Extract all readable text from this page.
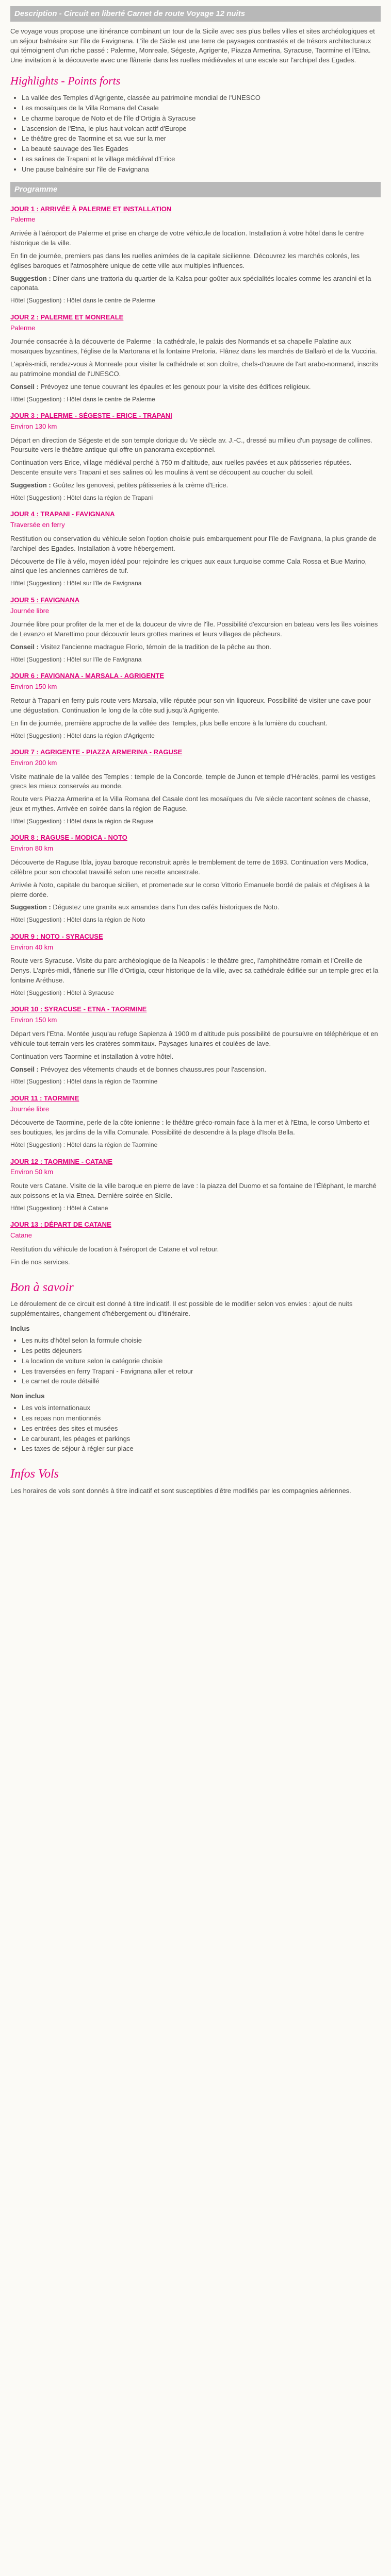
Description - Circuit en liberté Carnet de route Voyage 12 nuits

Ce voyage vous propose une itinérance combinant un tour de la Sicile avec ses plus belles villes et sites archéologiques et un séjour balnéaire sur l'île de Favignana. L'île de Sicile est une terre de paysages contrastés et de trésors architecturaux qui témoignent d'un riche passé : Palerme, Monreale, Ségeste, Agrigente, Piazza Armerina, Syracuse, Taormine et l'Etna. Une invitation à la découverte avec une flânerie dans les ruelles médiévales et une escale sur l'archipel des Egades.

Highlights - Points forts
• La vallée des Temples d'Agrigente, classée au patrimoine mondial de l'UNESCO
• Les mosaïques de la Villa Romana del Casale
• Le charme baroque de Noto et de l'île d'Ortigia à Syracuse
• L'ascension de l'Etna, le plus haut volcan actif d'Europe
• Le théâtre grec de Taormine et sa vue sur la mer
• La beauté sauvage des îles Egades
• Les salines de Trapani et le village médiéval d'Erice
• Une pause balnéaire sur l'île de Favignana
Programme
JOUR 1 : ARRIVÉE À PALERME ET INSTALLATION
Palerme

Arrivée à l'aéroport de Palerme et prise en charge de votre véhicule de location. Installation à votre hôtel dans le centre historique de la ville.

En fin de journée, premiers pas dans les ruelles animées de la capitale sicilienne. Découvrez les marchés colorés, les églises baroques et l'atmosphère unique de cette ville aux multiples influences.

Suggestion : Dîner dans une trattoria du quartier de la Kalsa pour goûter aux spécialités locales comme les arancini et la caponata.

Hôtel (Suggestion) : Hôtel dans le centre de Palerme
JOUR 2 : PALERME ET MONREALE
Palerme

Journée consacrée à la découverte de Palerme : la cathédrale, le palais des Normands et sa chapelle Palatine aux mosaïques byzantines, l'église de la Martorana et la fontaine Pretoria. Flânez dans les marchés de Ballarò et de la Vucciria.

L'après-midi, rendez-vous à Monreale pour visiter la cathédrale et son cloître, chefs-d'œuvre de l'art arabo-normand, inscrits au patrimoine mondial de l'UNESCO.

Conseil : Prévoyez une tenue couvrant les épaules et les genoux pour la visite des édifices religieux.

Hôtel (Suggestion) : Hôtel dans le centre de Palerme
JOUR 3 : PALERME - SÉGESTE - ERICE - TRAPANI
Environ 130 km

Départ en direction de Ségeste et de son temple dorique du Ve siècle av. J.-C., dressé au milieu d'un paysage de collines. Poursuite vers le théâtre antique qui offre un panorama exceptionnel.

Continuation vers Erice, village médiéval perché à 750 m d'altitude, aux ruelles pavées et aux pâtisseries réputées. Descente ensuite vers Trapani et ses salines où les moulins à vent se découpent au coucher du soleil.

Suggestion : Goûtez les genovesi, petites pâtisseries à la crème d'Erice.

Hôtel (Suggestion) : Hôtel dans la région de Trapani
JOUR 4 : TRAPANI - FAVIGNANA
Traversée en ferry

Restitution ou conservation du véhicule selon l'option choisie puis embarquement pour l'île de Favignana, la plus grande de l'archipel des Egades. Installation à votre hébergement.

Découverte de l'île à vélo, moyen idéal pour rejoindre les criques aux eaux turquoise comme Cala Rossa et Bue Marino, ainsi que les anciennes carrières de tuf.

Hôtel (Suggestion) : Hôtel sur l'île de Favignana
JOUR 5 : FAVIGNANA
Journée libre

Journée libre pour profiter de la mer et de la douceur de vivre de l'île. Possibilité d'excursion en bateau vers les îles voisines de Levanzo et Marettimo pour découvrir leurs grottes marines et leurs villages de pêcheurs.

Conseil : Visitez l'ancienne madrague Florio, témoin de la tradition de la pêche au thon.

Hôtel (Suggestion) : Hôtel sur l'île de Favignana
JOUR 6 : FAVIGNANA - MARSALA - AGRIGENTE
Environ 150 km

Retour à Trapani en ferry puis route vers Marsala, ville réputée pour son vin liquoreux. Possibilité de visiter une cave pour une dégustation. Continuation le long de la côte sud jusqu'à Agrigente.

En fin de journée, première approche de la vallée des Temples, plus belle encore à la lumière du couchant.

Hôtel (Suggestion) : Hôtel dans la région d'Agrigente
JOUR 7 : AGRIGENTE - PIAZZA ARMERINA - RAGUSE
Environ 200 km

Visite matinale de la vallée des Temples : temple de la Concorde, temple de Junon et temple d'Héraclès, parmi les vestiges grecs les mieux conservés au monde.

Route vers Piazza Armerina et la Villa Romana del Casale dont les mosaïques du IVe siècle racontent scènes de chasse, jeux et mythes. Arrivée en soirée dans la région de Raguse.

Hôtel (Suggestion) : Hôtel dans la région de Raguse
JOUR 8 : RAGUSE - MODICA - NOTO
Environ 80 km

Découverte de Raguse Ibla, joyau baroque reconstruit après le tremblement de terre de 1693. Continuation vers Modica, célèbre pour son chocolat travaillé selon une recette ancestrale.

Arrivée à Noto, capitale du baroque sicilien, et promenade sur le corso Vittorio Emanuele bordé de palais et d'églises à la pierre dorée.

Suggestion : Dégustez une granita aux amandes dans l'un des cafés historiques de Noto.

Hôtel (Suggestion) : Hôtel dans la région de Noto
JOUR 9 : NOTO - SYRACUSE
Environ 40 km

Route vers Syracuse. Visite du parc archéologique de la Neapolis : le théâtre grec, l'amphithéâtre romain et l'Oreille de Denys. L'après-midi, flânerie sur l'île d'Ortigia, cœur historique de la ville, avec sa cathédrale édifiée sur un temple grec et la fontaine Aréthuse.

Hôtel (Suggestion) : Hôtel à Syracuse
JOUR 10 : SYRACUSE - ETNA - TAORMINE
Environ 150 km

Départ vers l'Etna. Montée jusqu'au refuge Sapienza à 1900 m d'altitude puis possibilité de poursuivre en téléphérique et en véhicule tout-terrain vers les cratères sommitaux. Paysages lunaires et coulées de lave.

Continuation vers Taormine et installation à votre hôtel.

Conseil : Prévoyez des vêtements chauds et de bonnes chaussures pour l'ascension.

Hôtel (Suggestion) : Hôtel dans la région de Taormine
JOUR 11 : TAORMINE
Journée libre

Découverte de Taormine, perle de la côte ionienne : le théâtre gréco-romain face à la mer et à l'Etna, le corso Umberto et ses boutiques, les jardins de la villa Comunale. Possibilité de descendre à la plage d'Isola Bella.

Hôtel (Suggestion) : Hôtel dans la région de Taormine
JOUR 12 : TAORMINE - CATANE
Environ 50 km

Route vers Catane. Visite de la ville baroque en pierre de lave : la piazza del Duomo et sa fontaine de l'Éléphant, le marché aux poissons et la via Etnea. Dernière soirée en Sicile.

Hôtel (Suggestion) : Hôtel à Catane
JOUR 13 : DÉPART DE CATANE
Catane

Restitution du véhicule de location à l'aéroport de Catane et vol retour.

Fin de nos services.

Bon à savoir

Le déroulement de ce circuit est donné à titre indicatif. Il est possible de le modifier selon vos envies : ajout de nuits supplémentaires, changement d'hébergement ou d'itinéraire.

Inclus
• Les nuits d'hôtel selon la formule choisie
• Les petits déjeuners
• La location de voiture selon la catégorie choisie
• Les traversées en ferry Trapani - Favignana aller et retour
• Le carnet de route détaillé
Non inclus
• Les vols internationaux
• Les repas non mentionnés
• Les entrées des sites et musées
• Le carburant, les péages et parkings
• Les taxes de séjour à régler sur place
Infos Vols

Les horaires de vols sont donnés à titre indicatif et sont susceptibles d'être modifiés par les compagnies aériennes.
